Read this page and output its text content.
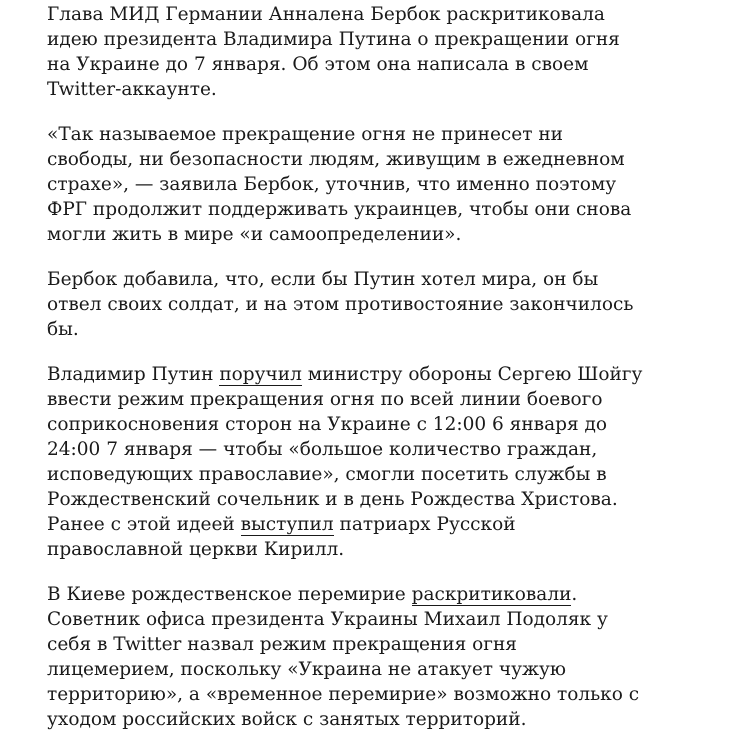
Глава МИД Германии Анналена Бербок раскритиковала идею президента Владимира Путина о прекращении огня на Украине до 7 января. Об этом она написала в своем Twitter-аккаунте.

«Так называемое прекращение огня не принесет ни свободы, ни безопасности людям, живущим в ежедневном страхе», — заявила Бербок, уточнив, что именно поэтому ФРГ продолжит поддерживать украинцев, чтобы они снова могли жить в мире «и самоопределении».

Бербок добавила, что, если бы Путин хотел мира, он бы отвел своих солдат, и на этом противостояние закончилось бы.

Владимир Путин поручил министру обороны Сергею Шойгу ввести режим прекращения огня по всей линии боевого соприкосновения сторон на Украине с 12:00 6 января до 24:00 7 января — чтобы «большое количество граждан, исповедующих православие», смогли посетить службы в Рождественский сочельник и в день Рождества Христова. Ранее с этой идеей выступил патриарх Русской православной церкви Кирилл.

В Киеве рождественское перемирие раскритиковали. Советник офиса президента Украины Михаил Подоляк у себя в Twitter назвал режим прекращения огня лицемерием, поскольку «Украина не атакует чужую территорию», а «временное перемирие» возможно только с уходом российских войск с занятых территорий.
